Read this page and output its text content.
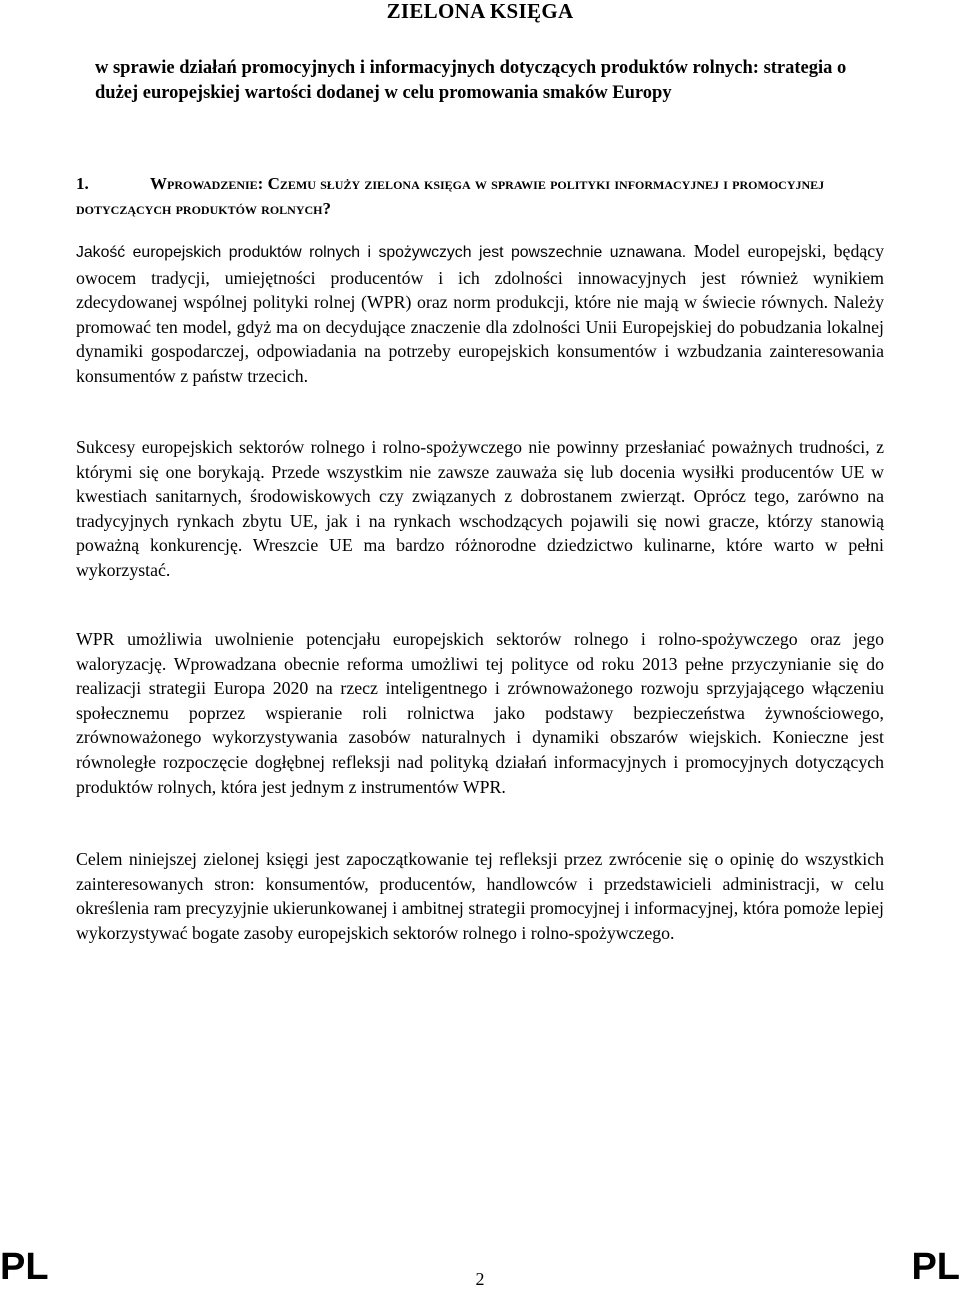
ZIELONA KSIĘGA

w sprawie działań promocyjnych i informacyjnych dotyczących produktów rolnych: strategia o dużej europejskiej wartości dodanej w celu promowania smaków Europy

1.	Wprowadzenie: Czemu służy zielona księga w sprawie polityki informacyjnej i promocyjnej dotyczących produktów rolnych?

Jakość europejskich produktów rolnych i spożywczych jest powszechnie uznawana. Model europejski, będący owocem tradycji, umiejętności producentów i ich zdolności innowacyjnych jest również wynikiem zdecydowanej wspólnej polityki rolnej (WPR) oraz norm produkcji, które nie mają w świecie równych. Należy promować ten model, gdyż ma on decydujące znaczenie dla zdolności Unii Europejskiej do pobudzania lokalnej dynamiki gospodarczej, odpowiadania na potrzeby europejskich konsumentów i wzbudzania zainteresowania konsumentów z państw trzecich.

Sukcesy europejskich sektorów rolnego i rolno-spożywczego nie powinny przesłaniać poważnych trudności, z którymi się one borykają. Przede wszystkim nie zawsze zauważa się lub docenia wysiłki producentów UE w kwestiach sanitarnych, środowiskowych czy związanych z dobrostanem zwierząt. Oprócz tego, zarówno na tradycyjnych rynkach zbytu UE, jak i na rynkach wschodzących pojawili się nowi gracze, którzy stanowią poważną konkurencję. Wreszcie UE ma bardzo różnorodne dziedzictwo kulinarne, które warto w pełni wykorzystać.

WPR umożliwia uwolnienie potencjału europejskich sektorów rolnego i rolno-spożywczego oraz jego waloryzację. Wprowadzana obecnie reforma umożliwi tej polityce od roku 2013 pełne przyczynianie się do realizacji strategii Europa 2020 na rzecz inteligentnego i zrównoważonego rozwoju sprzyjającego włączeniu społecznemu poprzez wspieranie roli rolnictwa jako podstawy bezpieczeństwa żywnościowego, zrównoważonego wykorzystywania zasobów naturalnych i dynamiki obszarów wiejskich. Konieczne jest równoległe rozpoczęcie dogłębnej refleksji nad polityką działań informacyjnych i promocyjnych dotyczących produktów rolnych, która jest jednym z instrumentów WPR.

Celem niniejszej zielonej księgi jest zapoczątkowanie tej refleksji przez zwrócenie się o opinię do wszystkich zainteresowanych stron: konsumentów, producentów, handlowców i przedstawicieli administracji, w celu określenia ram precyzyjnie ukierunkowanej i ambitnej strategii promocyjnej i informacyjnej, która pomoże lepiej wykorzystywać bogate zasoby europejskich sektorów rolnego i rolno-spożywczego.

PL	2	PL
